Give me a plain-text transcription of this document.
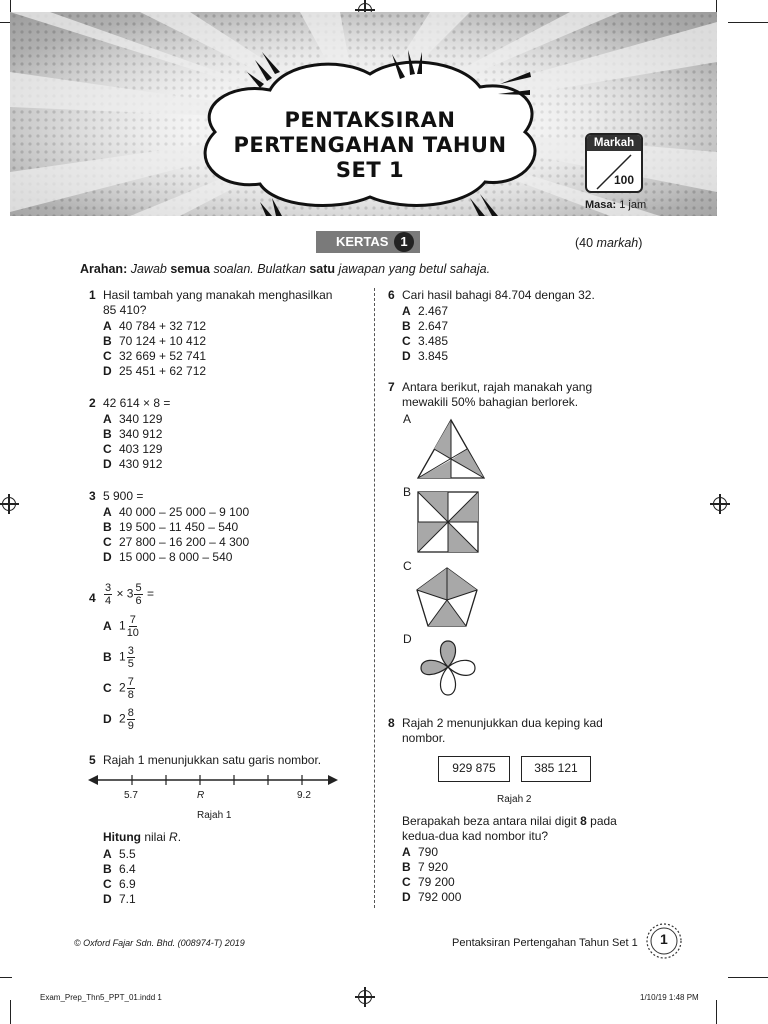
PENTAKSIRAN
PERTENGAHAN TAHUN
SET 1
Markah
100
Masa: 1 jam
KERTAS 1	(40 markah)
Arahan: Jawab semua soalan. Bulatkan satu jawapan yang betul sahaja.
1 Hasil tambah yang manakah menghasilkan
85 410?
A 40 784 + 32 712
B 70 124 + 10 412
C 32 669 + 52 741
D 25 451 + 62 712
2 42 614 × 8 =
A 340 129
B 340 912
C 403 129
D 430 912
3 5 900 =
A 40 000 – 25 000 – 9 100
B 19 500 – 11 450 – 540
C 27 800 – 16 200 – 4 300
D 15 000 – 8 000 – 540
$4 \frac{3}{4} \times 3 \frac{5}{6}$ =
A $1 \frac{7}{10}$
B $1 \frac{3}{5}$
C $2 \frac{7}{8}$
D $2 \frac{8}{9}$
5 Rajah 1 menunjukkan satu garis nombor.
5.7	R	9.2
Rajah 1
Hitung nilai R.
A 5.5
B 6.4
C 6.9
D 7.1
6 Cari hasil bahagi 84.704 dengan 32.
A 2.467
B 2.647
C 3.485
D 3.845
7 Antara berikut, rajah manakah yang
mewakili 50% bahagian berlorek.
A
B
C
D
8 Rajah 2 menunjukkan dua keping kad
nombor.
929 875	385 121
Rajah 2
Berapakah beza antara nilai digit 8 pada
kedua-dua kad nombor itu?
A 790
B 7 920
C 79 200
D 792 000
© Oxford Fajar Sdn. Bhd. (008974-T) 2019	Pentaksiran Pertengahan Tahun Set 1 1
Exam_Prep_Thn5_PPT_01.indd 1	1/10/19 1:48 PM
